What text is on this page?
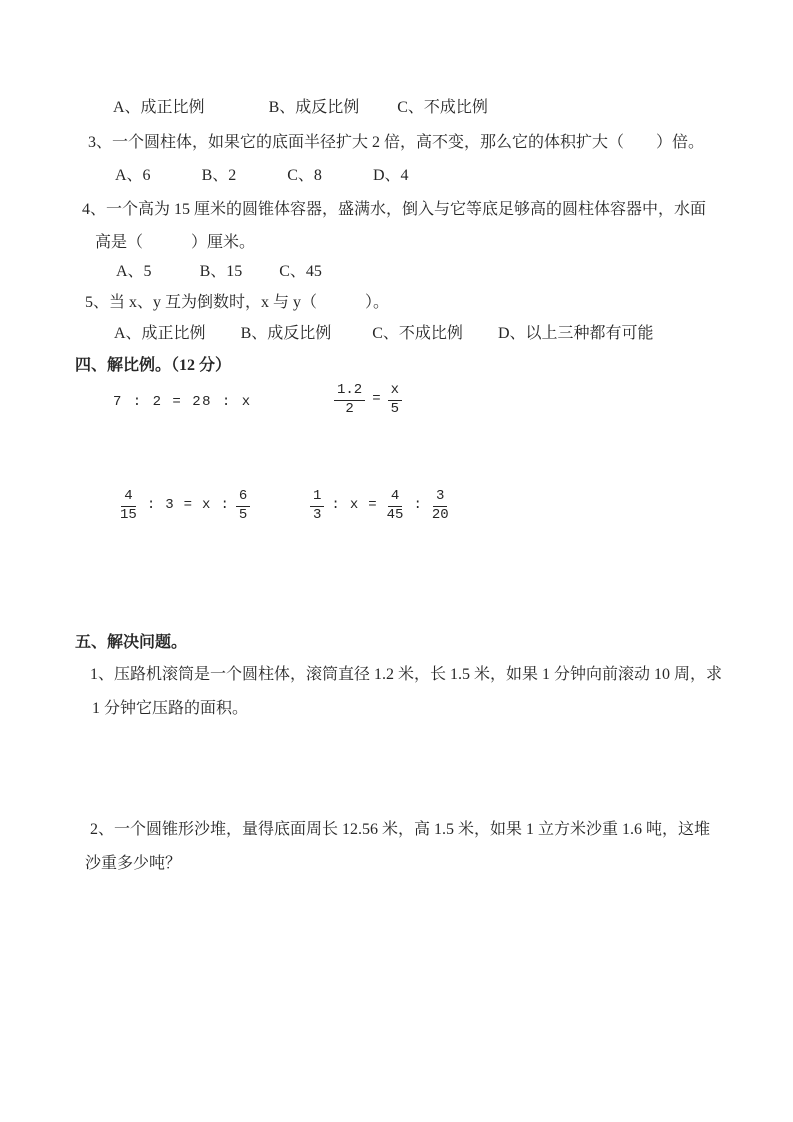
A、成正比例	B、成反比例 C、不成比例
3、一个圆柱体，如果它的底面半径扩大 2 倍，高不变，那么它的体积扩大（　　）倍。
A、6	B、2	C、8	D、4
4、一个高为 15 厘米的圆锥体容器，盛满水，倒入与它等底足够高的圆柱体容器中，水面
高是（　　　）厘米。
A、5	B、15 C、45
5、当 x、y 互为倒数时，x 与 y（　　　）。
A、成正比例 B、成反比例	C、不成比例 D、以上三种都有可能
四、解比例。（12 分）
7 : 2 = 28 : x	$\frac{1.2}{2} = \frac{x}{5}$
$\frac{4}{15}$ : 3 = x : $\frac{6}{5}$	$\frac{1}{3}$ : $x = \frac{4}{45}$ : $\frac{3}{20}$
五、解决问题。
1、压路机滚筒是一个圆柱体，滚筒直径 1.2 米，长 1.5 米，如果 1 分钟向前滚动 10 周，求
1 分钟它压路的面积。
2、一个圆锥形沙堆，量得底面周长 12.56 米，高 1.5 米，如果 1 立方米沙重 1.6 吨，这堆
沙重多少吨？
